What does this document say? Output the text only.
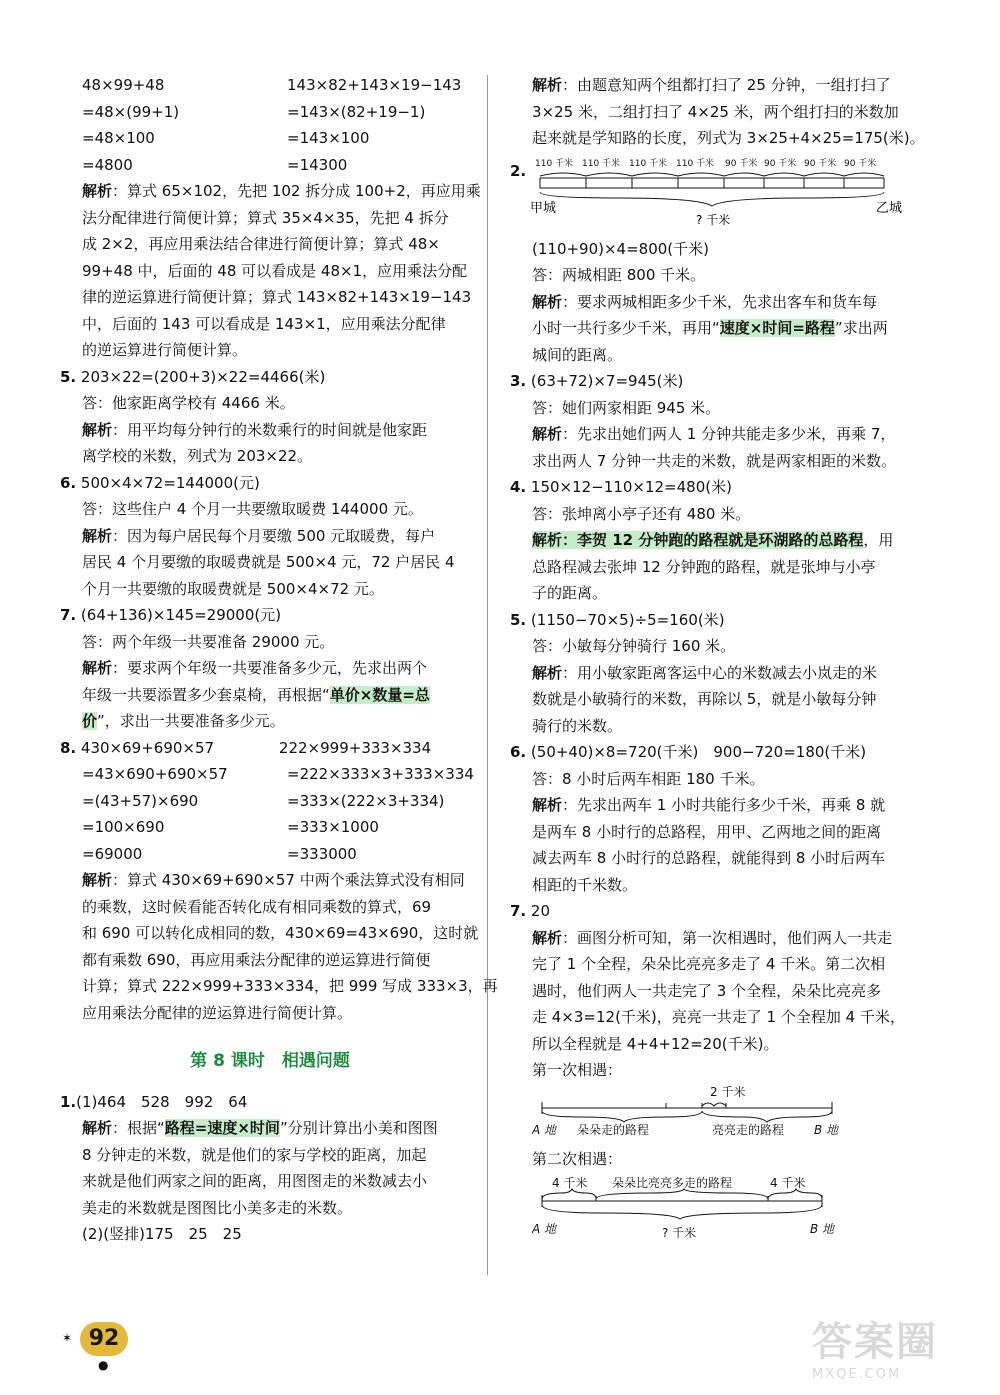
48×99+48	143×82+143×19−143
=48×(99+1)	=143×(82+19−1)
=48×100	=143×100
=4800	=14300
解析：算式 65×102，先把 102 拆分成 100+2，再应用乘
法分配律进行简便计算；算式 35×4×35，先把 4 拆分
成 2×2，再应用乘法结合律进行简便计算；算式 48×
99+48 中，后面的 48 可以看成是 48×1，应用乘法分配
律的逆运算进行简便计算；算式 143×82+143×19−143
中，后面的 143 可以看成是 143×1，应用乘法分配律
的逆运算进行简便计算。
5. 203×22=(200+3)×22=4466(米)
答：他家距离学校有 4466 米。
解析：用平均每分钟行的米数乘行的时间就是他家距
离学校的米数，列式为 203×22。
6. 500×4×72=144000(元)
答：这些住户 4 个月一共要缴取暖费 144000 元。
解析：因为每户居民每个月要缴 500 元取暖费，每户
居民 4 个月要缴的取暖费就是 500×4 元，72 户居民 4
个月一共要缴的取暖费就是 500×4×72 元。
7. (64+136)×145=29000(元)
答：两个年级一共要准备 29000 元。
解析：要求两个年级一共要准备多少元，先求出两个
年级一共要添置多少套桌椅，再根据“单价×数量=总
价”，求出一共要准备多少元。
8. 430×69+690×57	222×999+333×334
=43×690+690×57	=222×333×3+333×334
=(43+57)×690	=333×(222×3+334)
=100×690	=333×1000
=69000	=333000
解析：算式 430×69+690×57 中两个乘法算式没有相同
的乘数，这时候看能否转化成有相同乘数的算式，69
和 690 可以转化成相同的数，430×69=43×690，这时就
都有乘数 690，再应用乘法分配律的逆运算进行简便
计算；算式 222×999+333×334，把 999 写成 333×3，再
应用乘法分配律的逆运算进行简便计算。
第 8 课时　相遇问题
1.(1)464　528　992　64
解析：根据“路程=速度×时间”分别计算出小美和图图
8 分钟走的米数，就是他们的家与学校的距离，加起
来就是他们两家之间的距离，用图图走的米数减去小
美走的米数就是图图比小美多走的米数。
(2)(竖排)175　25　25
解析：由题意知两个组都打扫了 25 分钟，一组打扫了
3×25 米，二组打扫了 4×25 米，两个组打扫的米数加
起来就是学知路的长度，列式为 3×25+4×25=175(米)。
2. 110 千米 110 千米 110 千米 110 千米 90 千米 90 千米 90 千米 90 千米
甲城
? 千米
乙城
(110+90)×4=800(千米)
答：两城相距 800 千米。
解析：要求两城相距多少千米，先求出客车和货车每
小时一共行多少千米，再用“速度×时间=路程”求出两
城间的距离。
3. (63+72)×7=945(米)
答：她们两家相距 945 米。
解析：先求出她们两人 1 分钟共能走多少米，再乘 7，
求出两人 7 分钟一共走的米数，就是两家相距的米数。
4. 150×12−110×12=480(米)
答：张坤离小亭子还有 480 米。
解析：李贺 12 分钟跑的路程就是环湖路的总路程，用
总路程减去张坤 12 分钟跑的路程，就是张坤与小亭
子的距离。
5. (1150−70×5)÷5=160(米)
答：小敏每分钟骑行 160 米。
解析：用小敏家距离客运中心的米数减去小岚走的米
数就是小敏骑行的米数，再除以 5，就是小敏每分钟
骑行的米数。
6. (50+40)×8=720(千米)　900−720=180(千米)
答：8 小时后两车相距 180 千米。
解析：先求出两车 1 小时共能行多少千米，再乘 8 就
是两车 8 小时行的总路程，用甲、乙两地之间的距离
减去两车 8 小时行的总路程，就能得到 8 小时后两车
相距的千米数。
7. 20
解析：画图分析可知，第一次相遇时，他们两人一共走
完了 1 个全程，朵朵比亮亮多走了 4 千米。第二次相
遇时，他们两人一共走完了 3 个全程，朵朵比亮亮多
走 4×3=12(千米)，亮亮一共走了 1 个全程加 4 千米，
所以全程就是 4+4+12=20(千米)。
第一次相遇：
2 千米
A 地 朵朵走的路程	亮亮走的路程 B 地
第二次相遇：
4 千米 朵朵比亮亮多走的路程	4 千米
A 地	? 千米	B 地
✶ 92
●	答案圈
MXQE.COM
